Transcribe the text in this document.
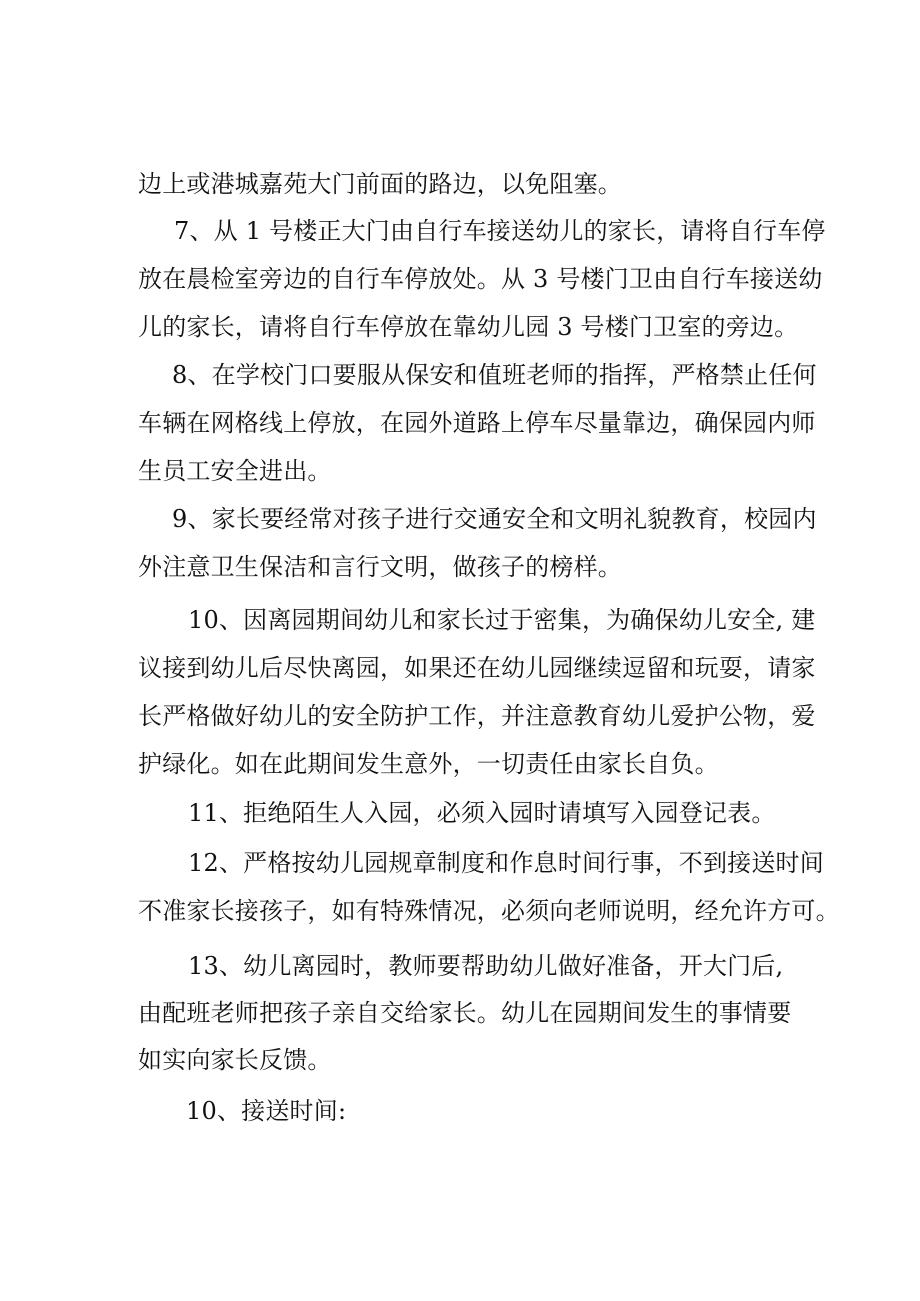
边上或港城嘉苑大门前面的路边，以免阻塞。

7、从 1 号楼正大门由自行车接送幼儿的家长，请将自行车停

放在晨检室旁边的自行车停放处。从 3 号楼门卫由自行车接送幼

儿的家长，请将自行车停放在靠幼儿园 3 号楼门卫室的旁边。

8、在学校门口要服从保安和值班老师的指挥，严格禁止任何

车辆在网格线上停放，在园外道路上停车尽量靠边，确保园内师

生员工安全进出。

9、家长要经常对孩子进行交通安全和文明礼貌教育，校园内

外注意卫生保洁和言行文明，做孩子的榜样。

10、因离园期间幼儿和家长过于密集，为确保幼儿安全, 建

议接到幼儿后尽快离园，如果还在幼儿园继续逗留和玩耍，请家

长严格做好幼儿的安全防护工作，并注意教育幼儿爱护公物，爱

护绿化。如在此期间发生意外，一切责任由家长自负。

11、拒绝陌生人入园，必须入园时请填写入园登记表。

12、严格按幼儿园规章制度和作息时间行事，不到接送时间

不准家长接孩子，如有特殊情况，必须向老师说明，经允许方可。

13、幼儿离园时，教师要帮助幼儿做好准备，开大门后,

由配班老师把孩子亲自交给家长。幼儿在园期间发生的事情要

如实向家长反馈。

10、接送时间:
